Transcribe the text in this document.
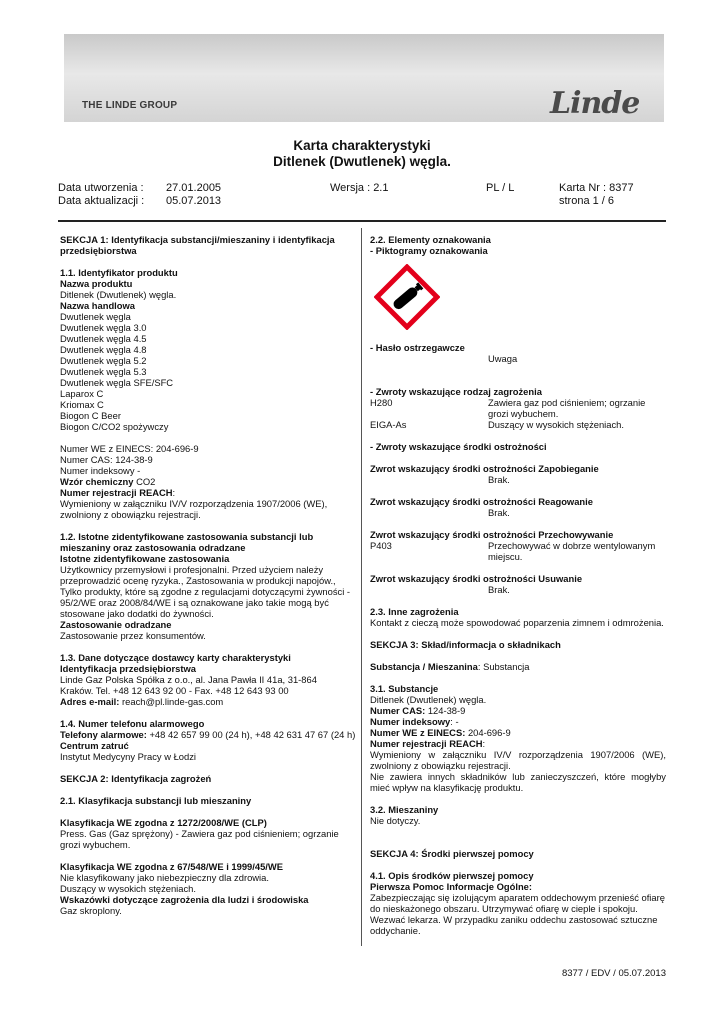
THE LINDE GROUP	Linde
Karta charakterystyki
Ditlenek (Dwutlenek) węgla.
Data utworzenia : 27.01.2005
Data aktualizacji : 05.07.2013
Wersja : 2.1	PL / L	Karta Nr : 8377
strona 1 / 6

SEKCJA 1: Identyfikacja substancji/mieszaniny i identyfikacja przedsiębiorstwa

1.1. Identyfikator produktu

Nazwa produktu

Ditlenek (Dwutlenek) węgla.

Nazwa handlowa

Dwutlenek węgla

Dwutlenek węgla 3.0

Dwutlenek węgla 4.5

Dwutlenek węgla 4.8

Dwutlenek węgla 5.2

Dwutlenek węgla 5.3

Dwutlenek węgla SFE/SFC

Laparox C

Kriomax C

Biogon C Beer

Biogon C/CO2 spożywczy

Numer WE z EINECS: 204-696-9

Numer CAS: 124-38-9

Numer indeksowy -

Wzór chemiczny CO2

Numer rejestracji REACH:

Wymieniony w załączniku IV/V rozporządzenia 1907/2006 (WE), zwolniony z obowiązku rejestracji.

1.2. Istotne zidentyfikowane zastosowania substancji lub mieszaniny oraz zastosowania odradzane

Istotne zidentyfikowane zastosowania

Użytkownicy przemysłowi i profesjonalni. Przed użyciem należy przeprowadzić ocenę ryzyka., Zastosowania w produkcji napojów., Tylko produkty, które są zgodne z regulacjami dotyczącymi żywności - 95/2/WE oraz 2008/84/WE i są oznakowane jako takie mogą być stosowane jako dodatki do żywności.

Zastosowanie odradzane

Zastosowanie przez konsumentów.

1.3. Dane dotyczące dostawcy karty charakterystyki

Identyfikacja przedsiębiorstwa

Linde Gaz Polska Spółka z o.o., al. Jana Pawła II 41a, 31-864

Kraków. Tel. +48 12 643 92 00 - Fax. +48 12 643 93 00

Adres e-mail: reach@pl.linde-gas.com

1.4. Numer telefonu alarmowego

Telefony alarmowe: +48 42 657 99 00 (24 h), +48 42 631 47 67 (24 h)

Centrum zatruć

Instytut Medycyny Pracy w Łodzi

SEKCJA 2: Identyfikacja zagrożeń

2.1. Klasyfikacja substancji lub mieszaniny

Klasyfikacja WE zgodna z 1272/2008/WE (CLP)

Press. Gas (Gaz sprężony) - Zawiera gaz pod ciśnieniem; ogrzanie grozi wybuchem.

Klasyfikacja WE zgodna z 67/548/WE i 1999/45/WE

Nie klasyfikowany jako niebezpieczny dla zdrowia.

Duszący w wysokich stężeniach.

Wskazówki dotyczące zagrożenia dla ludzi i środowiska

Gaz skroplony.

2.2. Elementy oznakowania

- Piktogramy oznakowania

- Hasło ostrzegawcze

Uwaga

- Zwroty wskazujące rodzaj zagrożenia

H280	Zawiera gaz pod ciśnieniem; ogrzanie grozi wybuchem.
EIGA-As	Duszący w wysokich stężeniach.

- Zwroty wskazujące środki ostrożności

Zwrot wskazujący środki ostrożności Zapobieganie

Brak.

Zwrot wskazujący środki ostrożności Reagowanie

Brak.

Zwrot wskazujący środki ostrożności Przechowywanie

P403	Przechowywać w dobrze wentylowanym miejscu.

Zwrot wskazujący środki ostrożności Usuwanie

Brak.

2.3. Inne zagrożenia

Kontakt z cieczą może spowodować poparzenia zimnem i odmrożenia.

SEKCJA 3: Skład/informacja o składnikach

Substancja / Mieszanina: Substancja

3.1. Substancje

Ditlenek (Dwutlenek) węgla.

Numer CAS: 124-38-9

Numer indeksowy: -

Numer WE z EINECS: 204-696-9

Numer rejestracji REACH:

Wymieniony w załączniku IV/V rozporządzenia 1907/2006 (WE), zwolniony z obowiązku rejestracji.

Nie zawiera innych składników lub zanieczyszczeń, które mogłyby mieć wpływ na klasyfikację produktu.

3.2. Mieszaniny

Nie dotyczy.

SEKCJA 4: Środki pierwszej pomocy

4.1. Opis środków pierwszej pomocy

Pierwsza Pomoc Informacje Ogólne:

Zabezpieczając się izolującym aparatem oddechowym przenieść ofiarę do nieskażonego obszaru. Utrzymywać ofiarę w cieple i spokoju. Wezwać lekarza. W przypadku zaniku oddechu zastosować sztuczne oddychanie.

8377 / EDV / 05.07.2013
